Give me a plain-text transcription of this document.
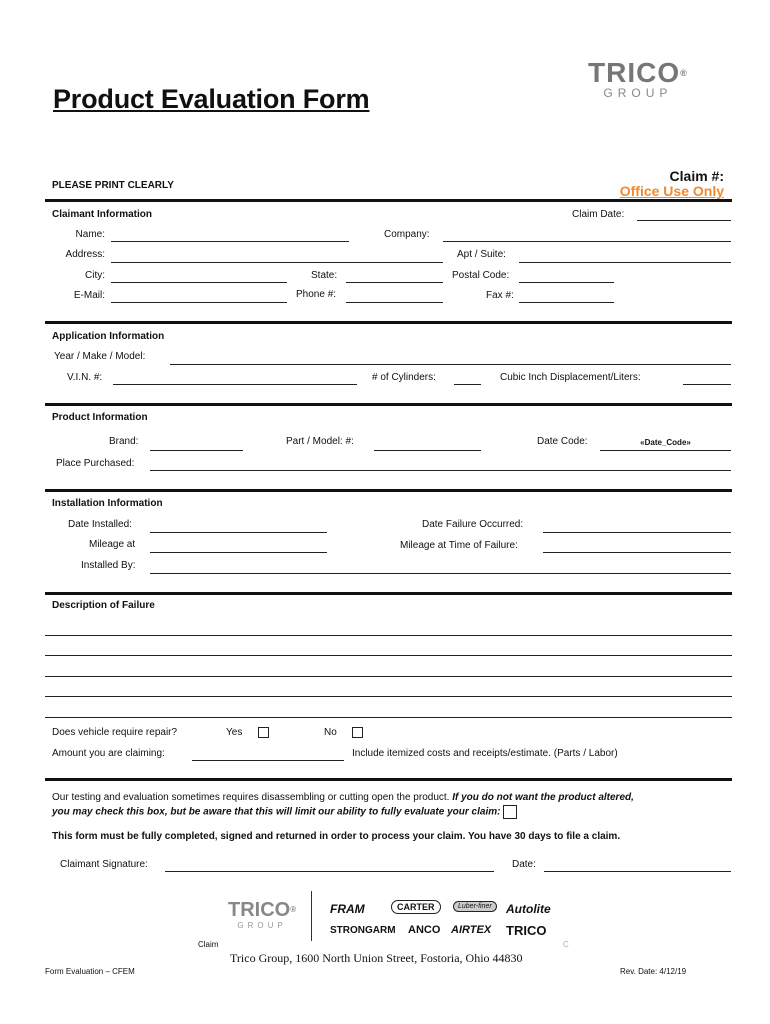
Product Evaluation Form
TRICO®
GROUP
PLEASE PRINT CLEARLY
Claim #:
Office Use Only
Claimant Information	Claim Date:
Name:	Company:
Address:	Apt / Suite:
City:	State:	Postal Code:
E-Mail:	Phone #:	Fax #:
Application Information
Year / Make / Model:
V.I.N. #:	# of Cylinders:	Cubic Inch Displacement/Liters:
Product Information
Brand:	Part / Model: #:	Date Code:	«Date_Code»
Place Purchased:
Installation Information
Date Installed:	Date Failure Occurred:
Mileage at	Mileage at Time of Failure:
Installed By:
Description of Failure
Does vehicle require repair?	Yes	No
Amount you are claiming:	Include itemized costs and receipts/estimate. (Parts / Labor)
Our testing and evaluation sometimes requires disassembling or cutting open the product. If you do not want the product altered,
you may check this box, but be aware that this will limit our ability to fully evaluate your claim:
This form must be fully completed, signed and returned in order to process your claim. You have 30 days to file a claim.
Claimant Signature:	Date:
TRICO®
GROUP
FRAM	CARTER	Luber-finer	Autolite
STRONGARM ANCO AIRTEX TRICO
Claim	C
Trico Group, 1600 North Union Street, Fostoria, Ohio 44830
Form Evaluation – CFEM	Rev. Date: 4/12/19
